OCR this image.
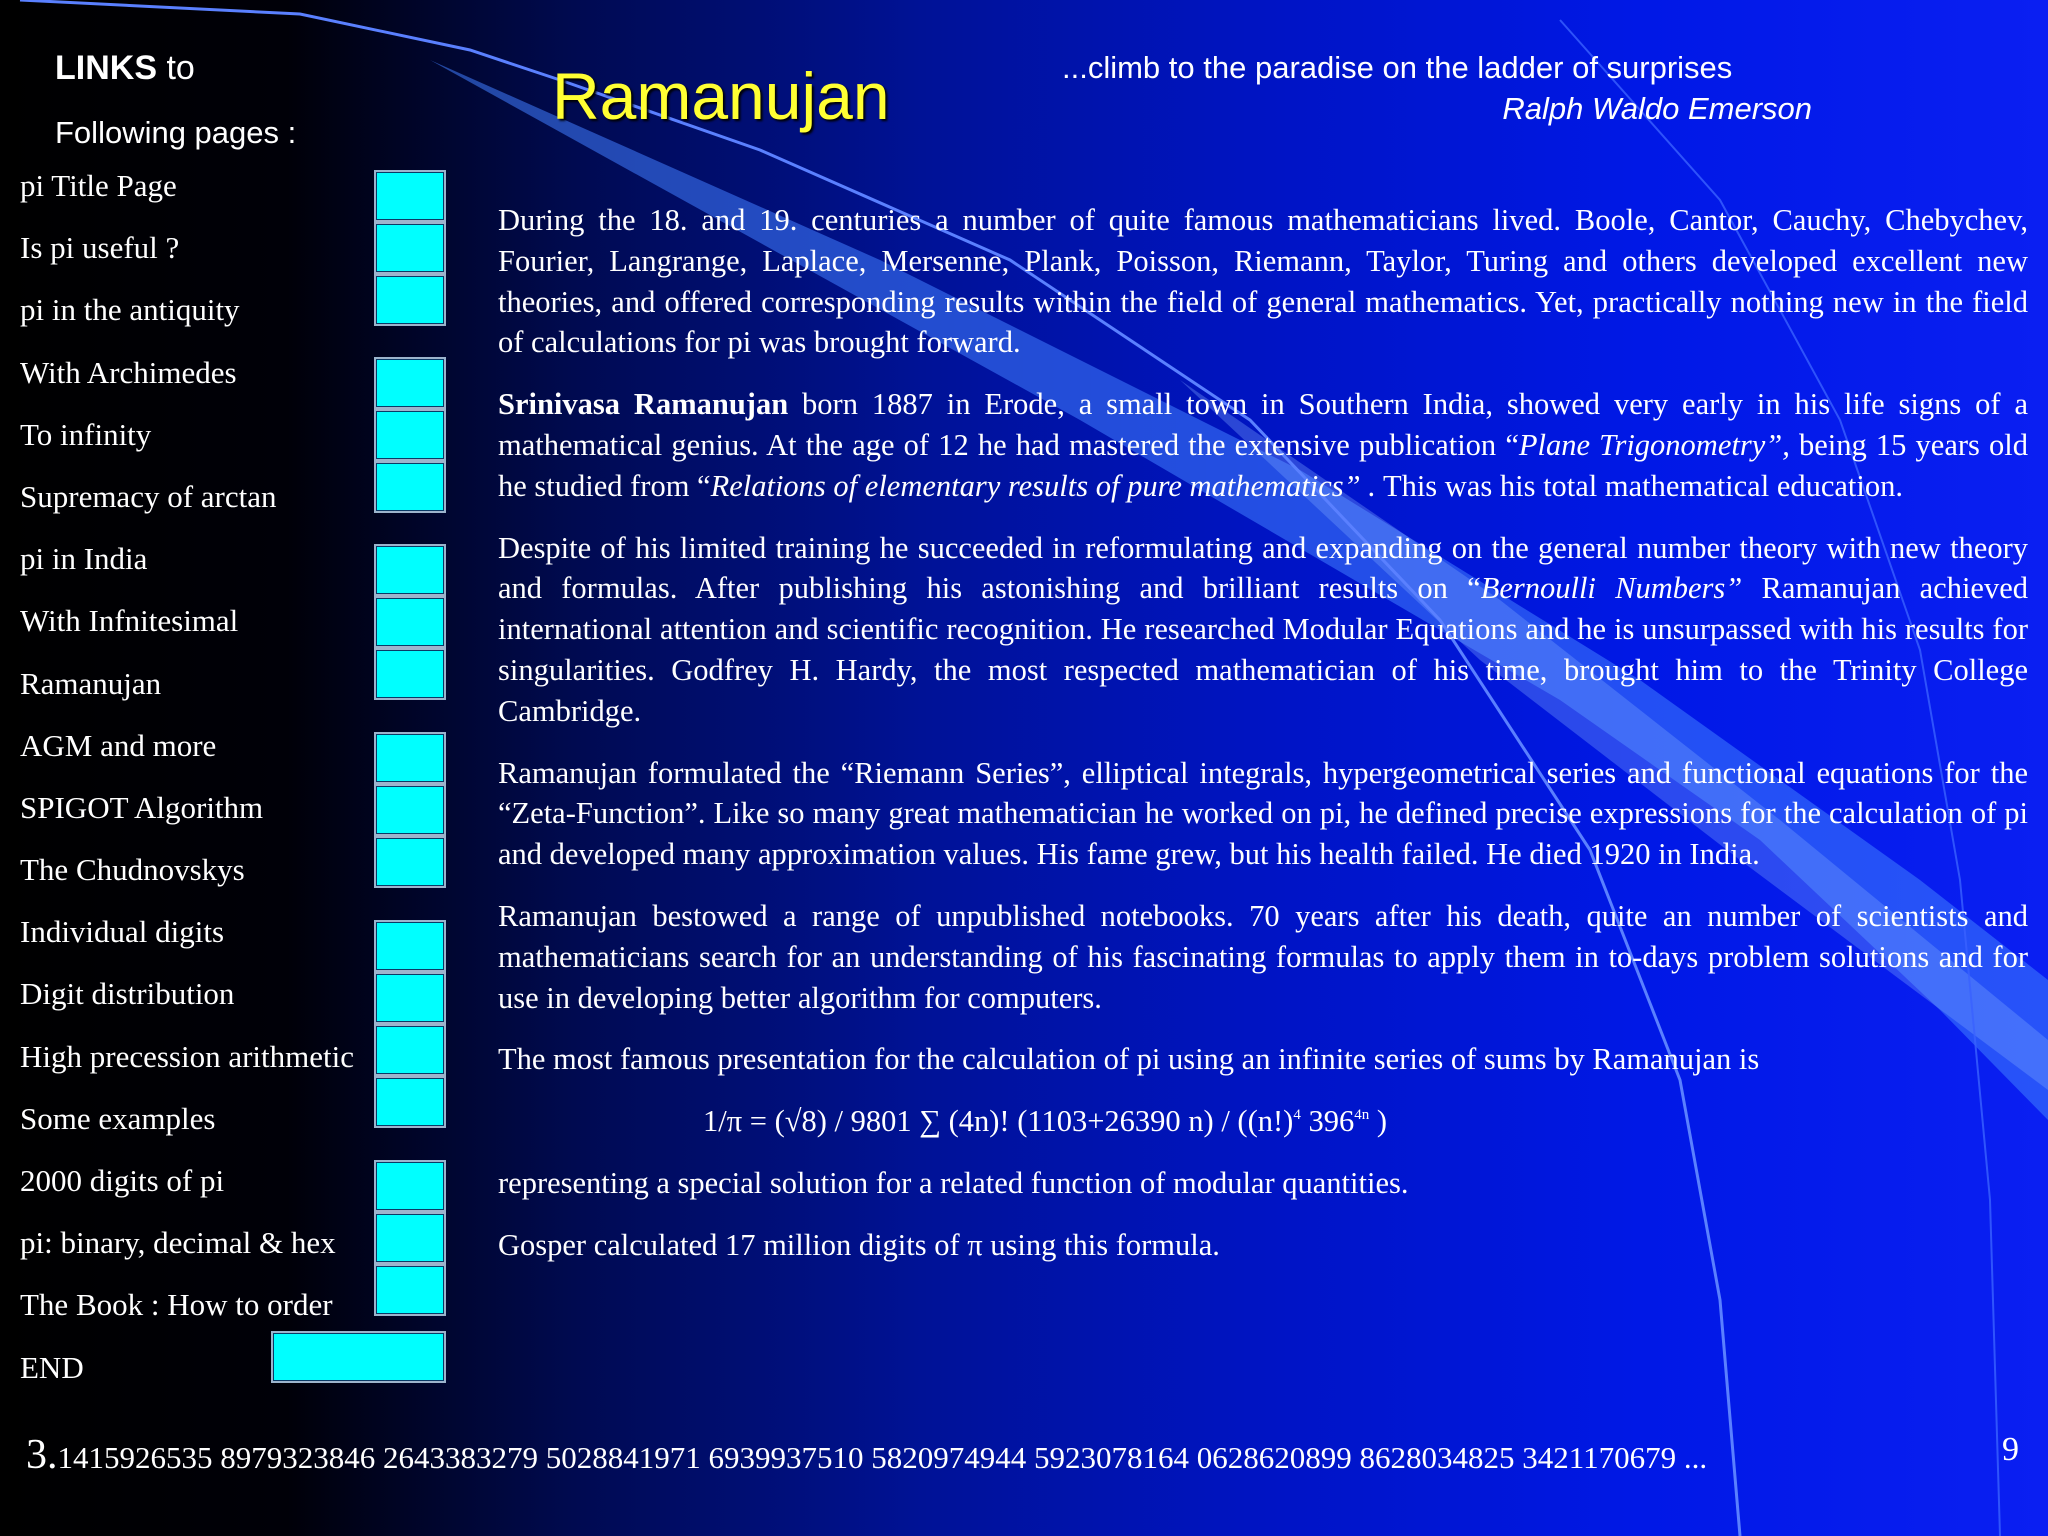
LINKS to
Following pages :	Ramanujan	...climb to the paradise on the ladder of surprises
Ralph Waldo Emerson
pi Title Page
Is pi useful ?
pi in the antiquity
With Archimedes
To infinity
Supremacy of arctan
pi in India
With Infnitesimal
Ramanujan
AGM and more
SPIGOT Algorithm
The Chudnovskys
Individual digits
Digit distribution
High precession arithmetic
Some examples
2000 digits of pi
pi: binary, decimal & hex
The Book : How to order
END

During the 18. and 19. centuries a number of quite famous mathematicians lived. Boole, Cantor, Cauchy, Chebychev, Fourier, Langrange, Laplace, Mersenne, Plank, Poisson, Riemann, Taylor, Turing and others developed excellent new theories, and offered corresponding results within the field of general mathematics. Yet, practically nothing new in the field of calculations for pi was brought forward.

Srinivasa Ramanujan born 1887 in Erode, a small town in Southern India, showed very early in his life signs of a mathematical genius. At the age of 12 he had mastered the extensive publication “Plane Trigonometry”, being 15 years old he studied from “Relations of elementary results of pure mathematics” . This was his total mathematical education.

Despite of his limited training he succeeded in reformulating and expanding on the general number theory with new theory and formulas. After publishing his astonishing and brilliant results on “Bernoulli Numbers” Ramanujan achieved international attention and scientific recognition. He researched Modular Equations and he is unsurpassed with his results for singularities. Godfrey H. Hardy, the most respected mathematician of his time, brought him to the Trinity College Cambridge.

Ramanujan formulated the “Riemann Series”, elliptical integrals, hypergeometrical series and functional equations for the “Zeta-Function”. Like so many great mathematician he worked on pi, he defined precise expressions for the calculation of pi and developed many approximation values. His fame grew, but his health failed. He died 1920 in India.

Ramanujan bestowed a range of unpublished notebooks. 70 years after his death, quite an number of scientists and mathematicians search for an understanding of his fascinating formulas to apply them in to-days problem solutions and for use in developing better algorithm for computers.

The most famous presentation for the calculation of pi using an infinite series of sums by Ramanujan is

1/π = (√8) / 9801 ∑ (4n)! (1103+26390 $n) / ((n!)^4$ $396^{4n}$ )

representing a special solution for a related function of modular quantities.

Gosper calculated 17 million digits of π using this formula.

3.1415926535 8979323846 2643383279 5028841971 6939937510 5820974944 5923078164 0628620899 8628034825 3421170679 ...	9
